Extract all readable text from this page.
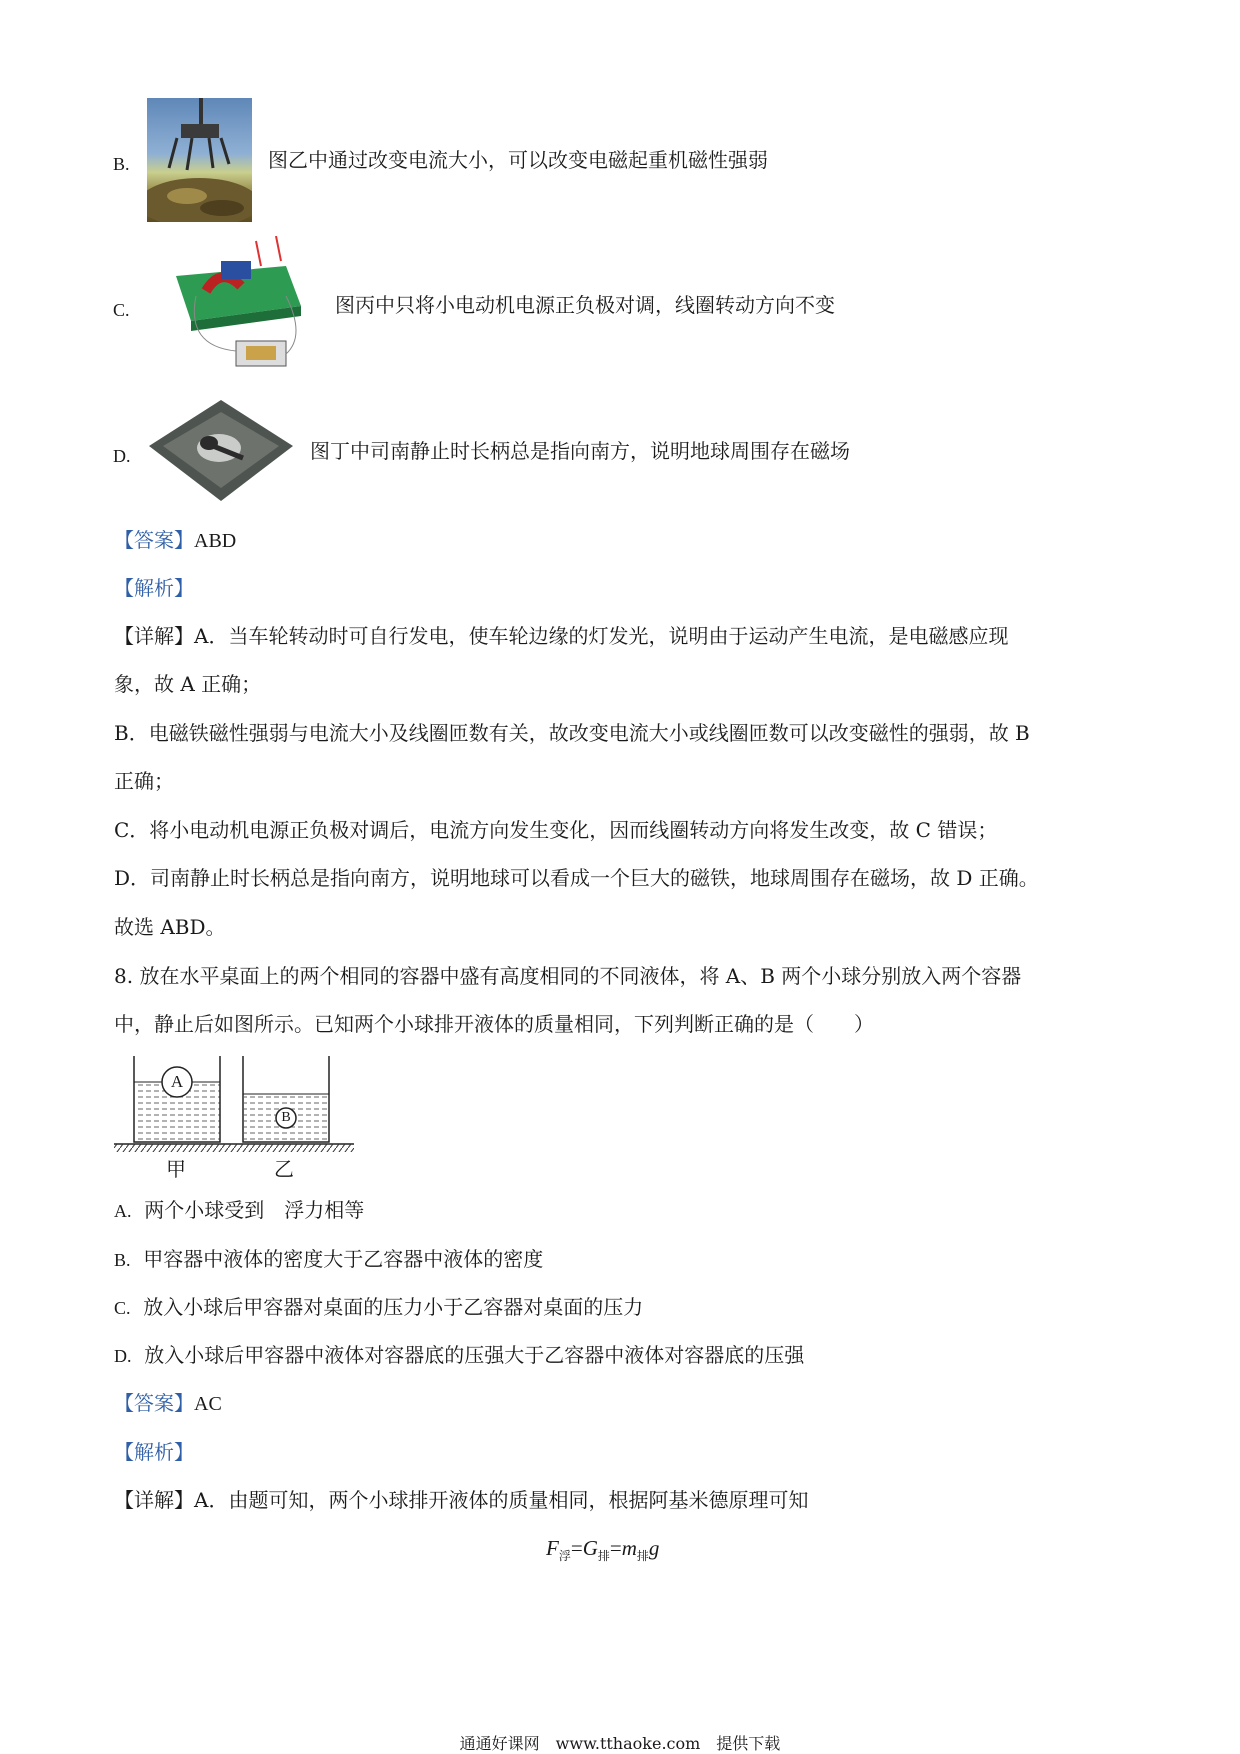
B.	图乙中通过改变电流大小，可以改变电磁起重机磁性强弱
C.	图丙中只将小电动机电源正负极对调，线圈转动方向不变
D.	图丁中司南静止时长柄总是指向南方，说明地球周围存在磁场
【答案】ABD
【解析】
【详解】A．当车轮转动时可自行发电，使车轮边缘的灯发光，说明由于运动产生电流，是电磁感应现
象，故 A 正确；
B．电磁铁磁性强弱与电流大小及线圈匝数有关，故改变电流大小或线圈匝数可以改变磁性的强弱，故 B
正确；
C．将小电动机电源正负极对调后，电流方向发生变化，因而线圈转动方向将发生改变，故 C 错误；
D．司南静止时长柄总是指向南方，说明地球可以看成一个巨大的磁铁，地球周围存在磁场，故 D 正确。
故选 ABD。
8. 放在水平桌面上的两个相同的容器中盛有高度相同的不同液体，将 A、B 两个小球分别放入两个容器
中，静止后如图所示。已知两个小球排开液体的质量相同，下列判断正确的是（　　）
A
B
甲	乙
A. 两个小球受到　浮力相等
B. 甲容器中液体的密度大于乙容器中液体的密度
C. 放入小球后甲容器对桌面的压力小于乙容器对桌面的压力
D. 放入小球后甲容器中液体对容器底的压强大于乙容器中液体对容器底的压强
【答案】AC
【解析】
【详解】A．由题可知，两个小球排开液体的质量相同，根据阿基米德原理可知
$F_浮=G_排=m_排g$
通通好课网　www.tthaoke.com　提供下载
